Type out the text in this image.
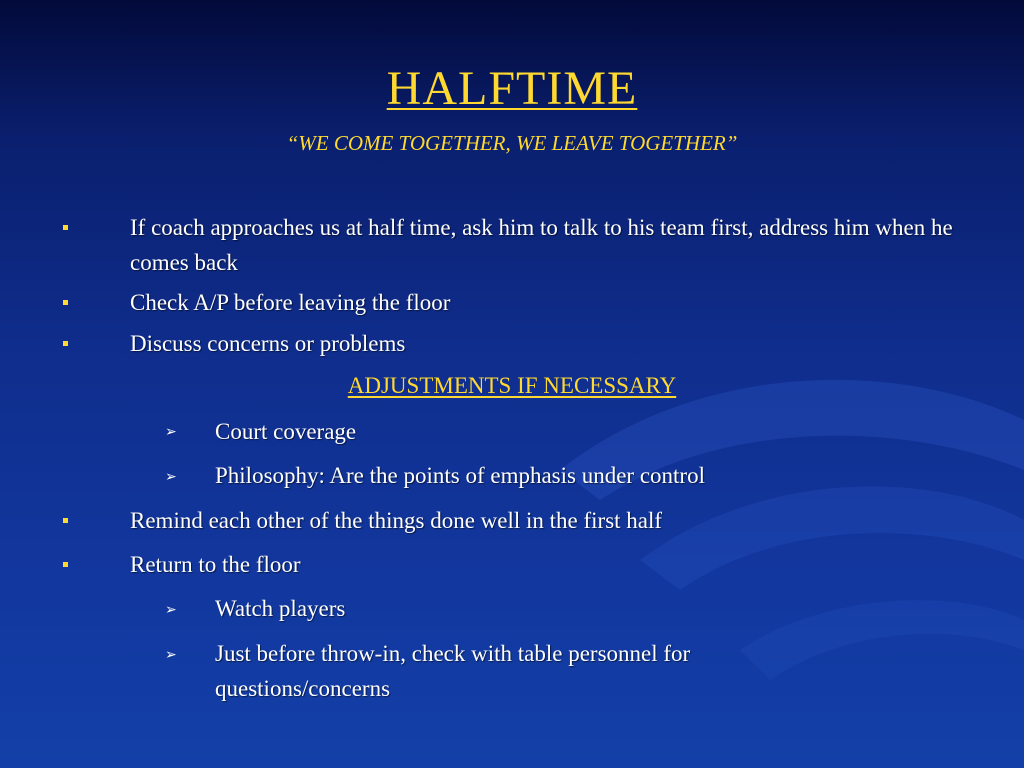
HALFTIME
“WE COME TOGETHER, WE LEAVE TOGETHER”
If coach approaches us at half time, ask him to talk to his team first, address him when he comes back
Check A/P before leaving the floor
Discuss concerns or problems
ADJUSTMENTS IF NECESSARY
➢ Court coverage
➢ Philosophy: Are the points of emphasis under control
Remind each other of the things done well in the first half
Return to the floor
➢ Watch players
➢ Just before throw-in, check with table personnel for questions/concerns
